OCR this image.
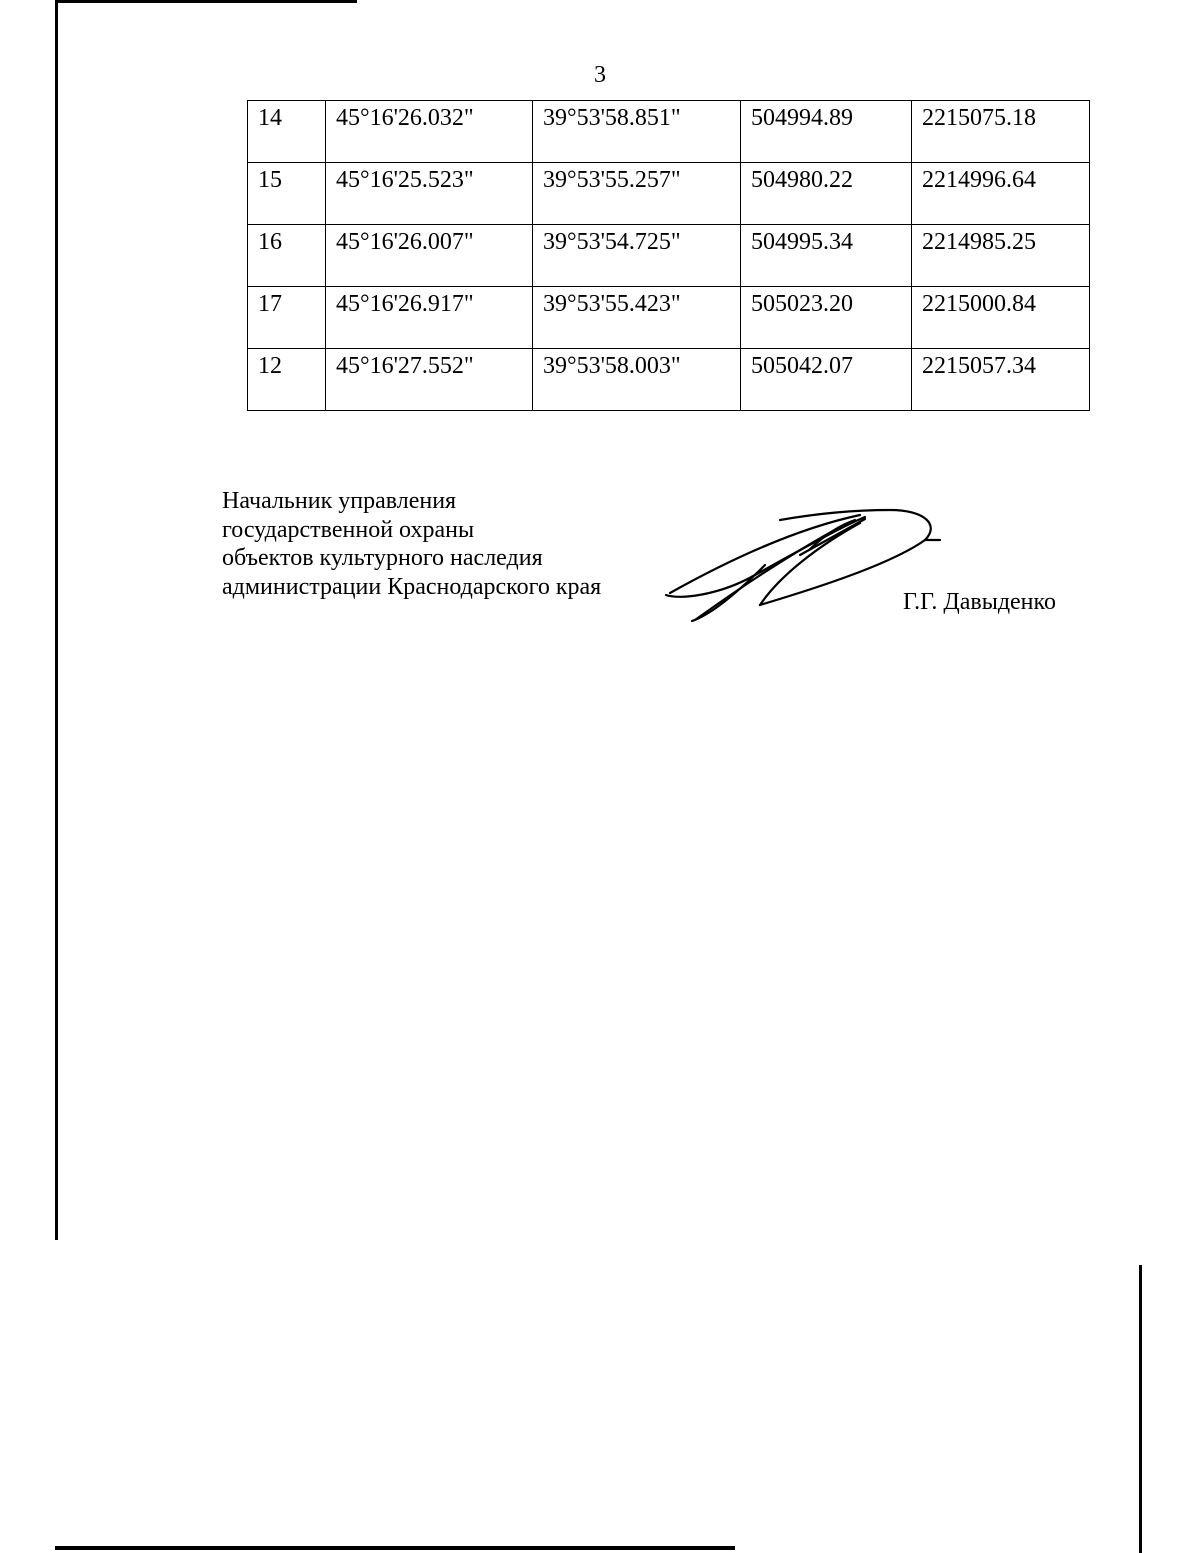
3
14	45°16'26.032"	39°53'58.851"	504994.89	2215075.18
15	45°16'25.523"	39°53'55.257"	504980.22	2214996.64
16	45°16'26.007"	39°53'54.725"	504995.34	2214985.25
17	45°16'26.917"	39°53'55.423"	505023.20	2215000.84
12	45°16'27.552"	39°53'58.003"	505042.07	2215057.34
Начальник управления
государственной охраны
объектов культурного наследия
администрации Краснодарского края
Г.Г. Давыденко
